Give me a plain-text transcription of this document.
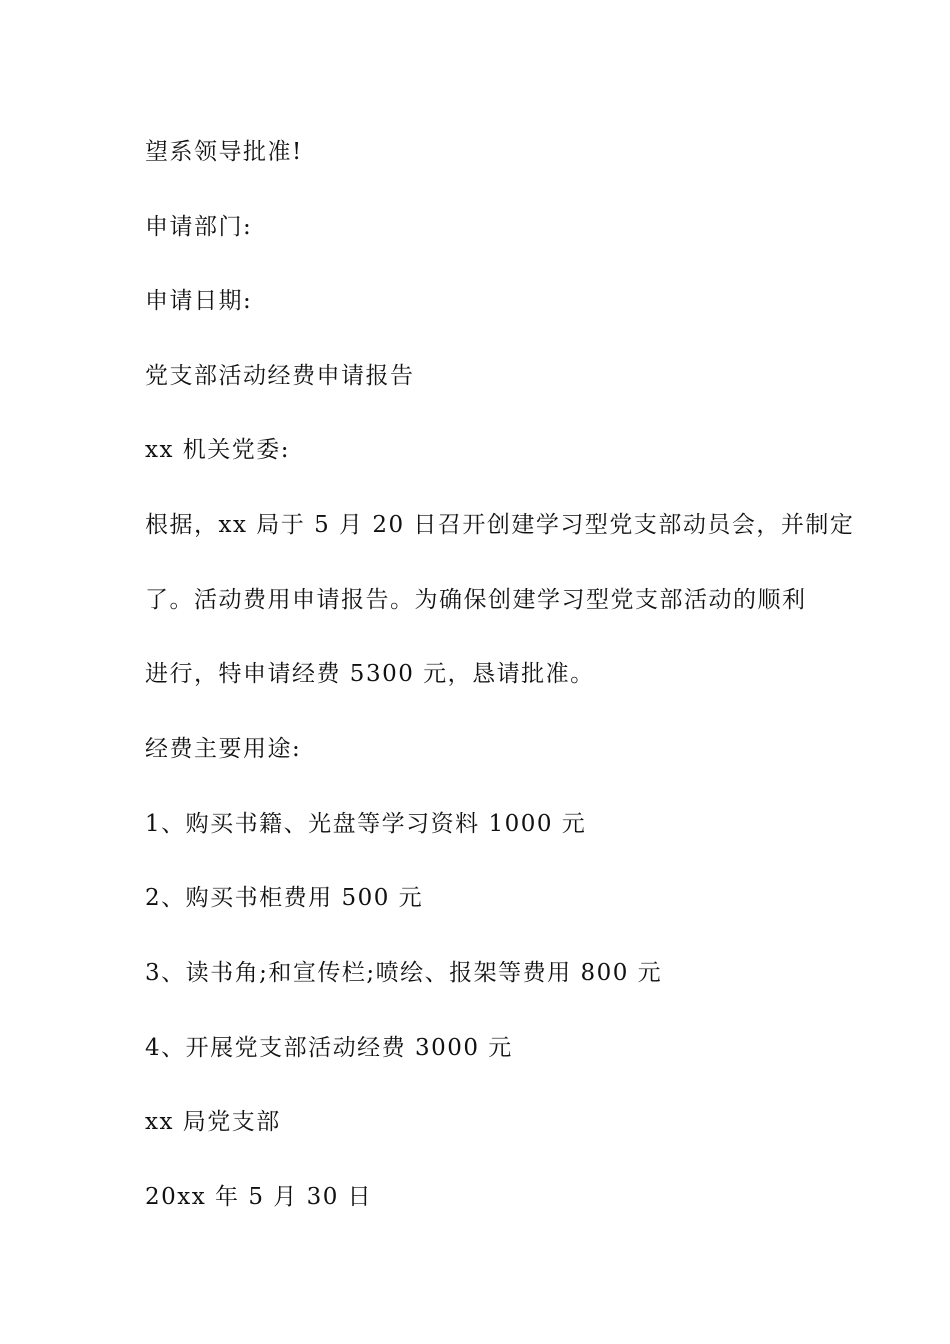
望系领导批准!
申请部门:
申请日期:
党支部活动经费申请报告
xx 机关党委:
根据，xx 局于 5 月 20 日召开创建学习型党支部动员会，并制定
了。活动费用申请报告。为确保创建学习型党支部活动的顺利
进行，特申请经费 5300 元，恳请批准。
经费主要用途:
1、购买书籍、光盘等学习资料 1000 元
2、购买书柜费用 500 元
3、读书角;和宣传栏;喷绘、报架等费用 800 元
4、开展党支部活动经费 3000 元
xx 局党支部
20xx 年 5 月 30 日
